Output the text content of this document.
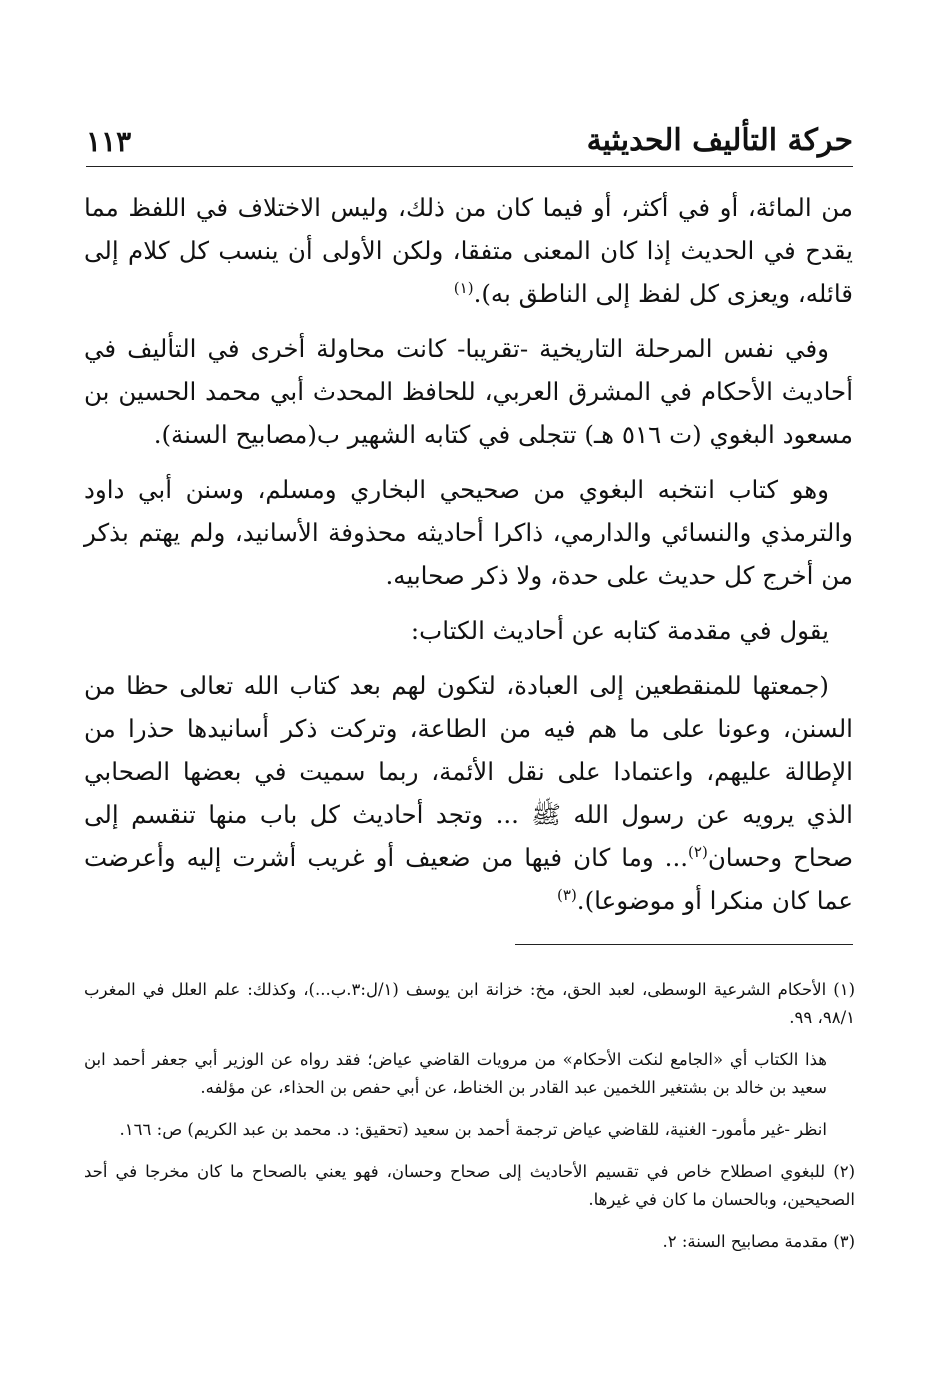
حركة التأليف الحديثية
١١٣

من المائة، أو في أكثر، أو فيما كان من ذلك، وليس الاختلاف في اللفظ مما يقدح في الحديث إذا كان المعنى متفقا، ولكن الأولى أن ينسب كل كلام إلى قائله، ويعزى كل لفظ إلى الناطق به).$^{(١)}$

وفي نفس المرحلة التاريخية -تقريبا- كانت محاولة أخرى في التأليف في أحاديث الأحكام في المشرق العربي، للحافظ المحدث أبي محمد الحسين بن مسعود البغوي (ت ٥١٦ هـ) تتجلى في كتابه الشهير ب(مصابيح السنة).

وهو كتاب انتخبه البغوي من صحيحي البخاري ومسلم، وسنن أبي داود والترمذي والنسائي والدارمي، ذاكرا أحاديثه محذوفة الأسانيد، ولم يهتم بذكر من أخرج كل حديث على حدة، ولا ذكر صحابيه.

يقول في مقدمة كتابه عن أحاديث الكتاب:

(جمعتها للمنقطعين إلى العبادة، لتكون لهم بعد كتاب الله تعالى حظا من السنن، وعونا على ما هم فيه من الطاعة، وتركت ذكر أسانيدها حذرا من الإطالة عليهم، واعتمادا على نقل الأئمة، ربما سميت في بعضها الصحابي الذي يرويه عن رسول الله ﷺ ... وتجد أحاديث كل باب منها تنقسم إلى صحاح وحسان$^{(٢)}$... وما كان فيها من ضعيف أو غريب أشرت إليه وأعرضت عما كان منكرا أو موضوعا).$^{(٣)}$

(١) الأحكام الشرعية الوسطى، لعبد الحق، مخ: خزانة ابن يوسف (١/ل:٣.ب...)، وكذلك: علم العلل في المغرب ٩٨/١، ٩٩.

هذا الكتاب أي «الجامع لنكت الأحكام» من مرويات القاضي عياض؛ فقد رواه عن الوزير أبي جعفر أحمد ابن سعيد بن خالد بن بشتغير اللخمين عبد القادر بن الخناط، عن أبي حفص بن الحذاء، عن مؤلفه.

انظر -غير مأمور- الغنية، للقاضي عياض ترجمة أحمد بن سعيد (تحقيق: د. محمد بن عبد الكريم) ص: ١٦٦.

(٢) للبغوي اصطلاح خاص في تقسيم الأحاديث إلى صحاح وحسان، فهو يعني بالصحاح ما كان مخرجا في أحد الصحيحين، وبالحسان ما كان في غيرها.

(٣) مقدمة مصابيح السنة: ٢.
